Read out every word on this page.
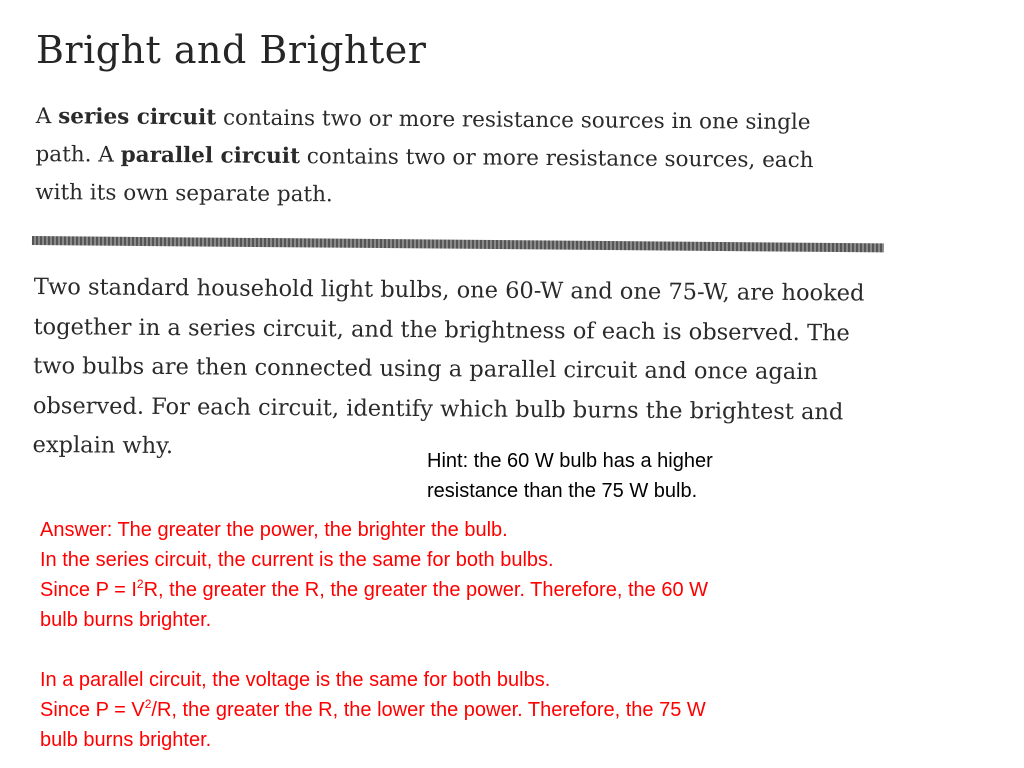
Bright and Brighter

A series circuit contains two or more resistance sources in one single path. A parallel circuit contains two or more resistance sources, each with its own separate path.

Two standard household light bulbs, one 60-W and one 75-W, are hooked together in a series circuit, and the brightness of each is observed. The two bulbs are then connected using a parallel circuit and once again observed. For each circuit, identify which bulb burns the brightest and explain why.

Hint: the 60 W bulb has a higher
resistance than the 75 W bulb.

Answer: The greater the power, the brighter the bulb.
In the series circuit, the current is the same for both bulbs.
Since $P = I^2R$, the greater the R, the greater the power. Therefore, the 60 W
bulb burns brighter.
In a parallel circuit, the voltage is the same for both bulbs.
Since $P = V^2/R$, the greater the R, the lower the power. Therefore, the 75 W
bulb burns brighter.
